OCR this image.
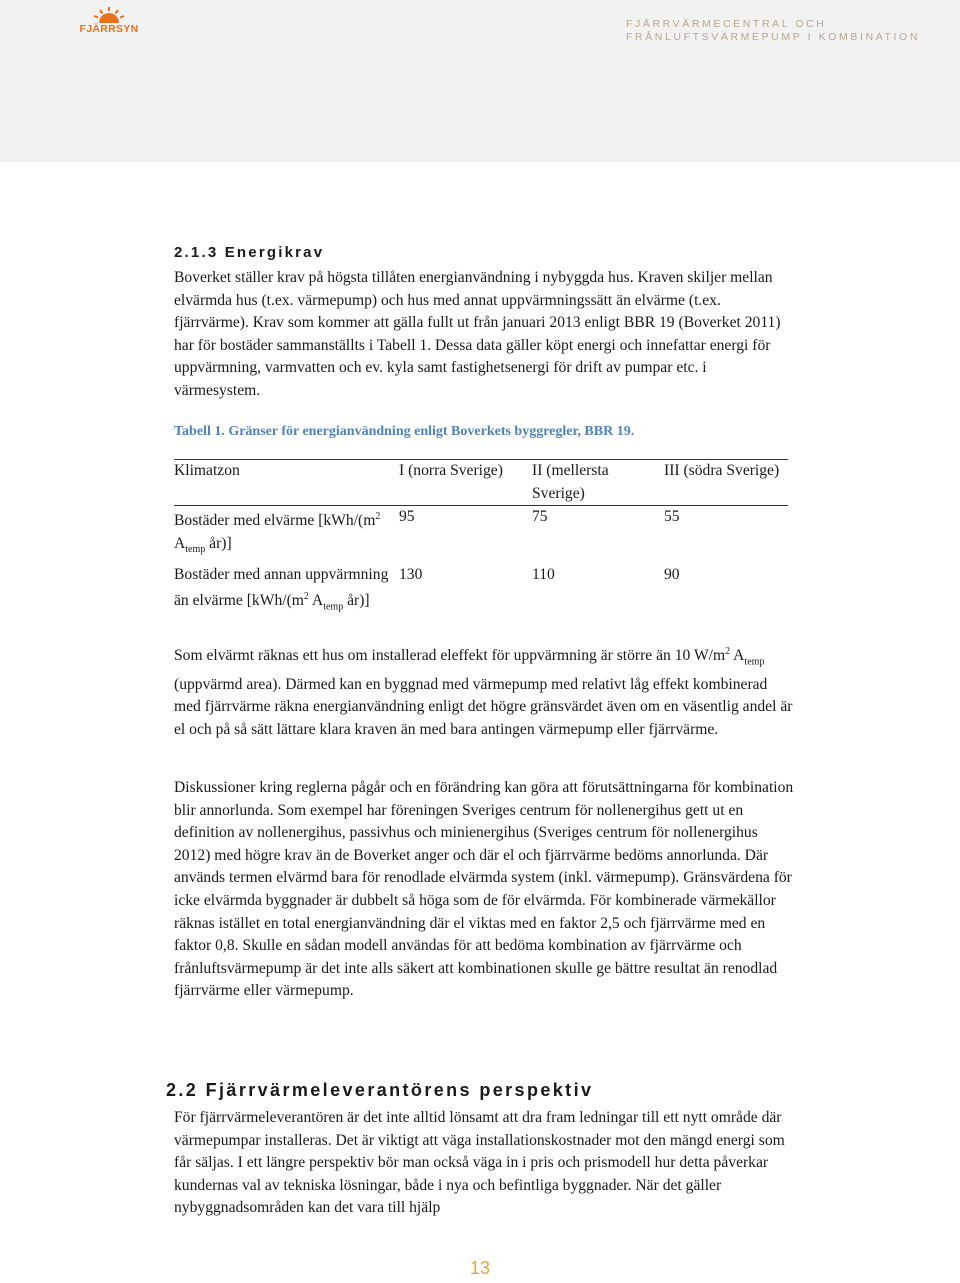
FJÄRRSYN	FJÄRRVÄRMECENTRAL OCH
FRÅNLUFTSVÄRMEPUMP I KOMBINATION
2.1.3 Energikrav

Boverket ställer krav på högsta tillåten energianvändning i nybyggda hus. Kraven skiljer mellan elvärmda hus (t.ex. värmepump) och hus med annat uppvärmningssätt än elvärme (t.ex. fjärrvärme). Krav som kommer att gälla fullt ut från januari 2013 enligt BBR 19 (Boverket 2011) har för bostäder sammanställts i Tabell 1. Dessa data gäller köpt energi och innefattar energi för uppvärmning, varmvatten och ev. kyla samt fastighetsenergi för drift av pumpar etc. i värmesystem.

Tabell 1. Gränser för energianvändning enligt Boverkets byggregler, BBR 19.
Klimatzon	I (norra Sverige)	II (mellersta Sverige)	III (södra Sverige)
Bostäder med elvärme [$kWh/(m^2$ $A_{temp}$ år)]	95	75	55
Bostäder med annan uppvärmning än elvärme [$kWh/(m^2$ $A_{temp}$ år)]	130	110	90

Som elvärmt räknas ett hus om installerad eleffekt för uppvärmning är större än 10 $W/m^2$ $A_{temp}$ (uppvärmd area). Därmed kan en byggnad med värmepump med relativt låg effekt kombinerad med fjärrvärme räkna energianvändning enligt det högre gränsvärdet även om en väsentlig andel är el och på så sätt lättare klara kraven än med bara antingen värmepump eller fjärrvärme.

Diskussioner kring reglerna pågår och en förändring kan göra att förutsättningarna för kombination blir annorlunda. Som exempel har föreningen Sveriges centrum för nollenergihus gett ut en definition av nollenergihus, passivhus och minienergihus (Sveriges centrum för nollenergihus 2012) med högre krav än de Boverket anger och där el och fjärrvärme bedöms annorlunda. Där används termen elvärmd bara för renodlade elvärmda system (inkl. värmepump). Gränsvärdena för icke elvärmda byggnader är dubbelt så höga som de för elvärmda. För kombinerade värmekällor räknas istället en total energianvändning där el viktas med en faktor 2,5 och fjärrvärme med en faktor 0,8. Skulle en sådan modell användas för att bedöma kombination av fjärrvärme och frånluftsvärmepump är det inte alls säkert att kombinationen skulle ge bättre resultat än renodlad fjärrvärme eller värmepump.

2.2 Fjärrvärmeleverantörens perspektiv

För fjärrvärmeleverantören är det inte alltid lönsamt att dra fram ledningar till ett nytt område där värmepumpar installeras. Det är viktigt att väga installationskostnader mot den mängd energi som får säljas. I ett längre perspektiv bör man också väga in i pris och prismodell hur detta påverkar kundernas val av tekniska lösningar, både i nya och befintliga byggnader. När det gäller nybyggnadsområden kan det vara till hjälp

13
